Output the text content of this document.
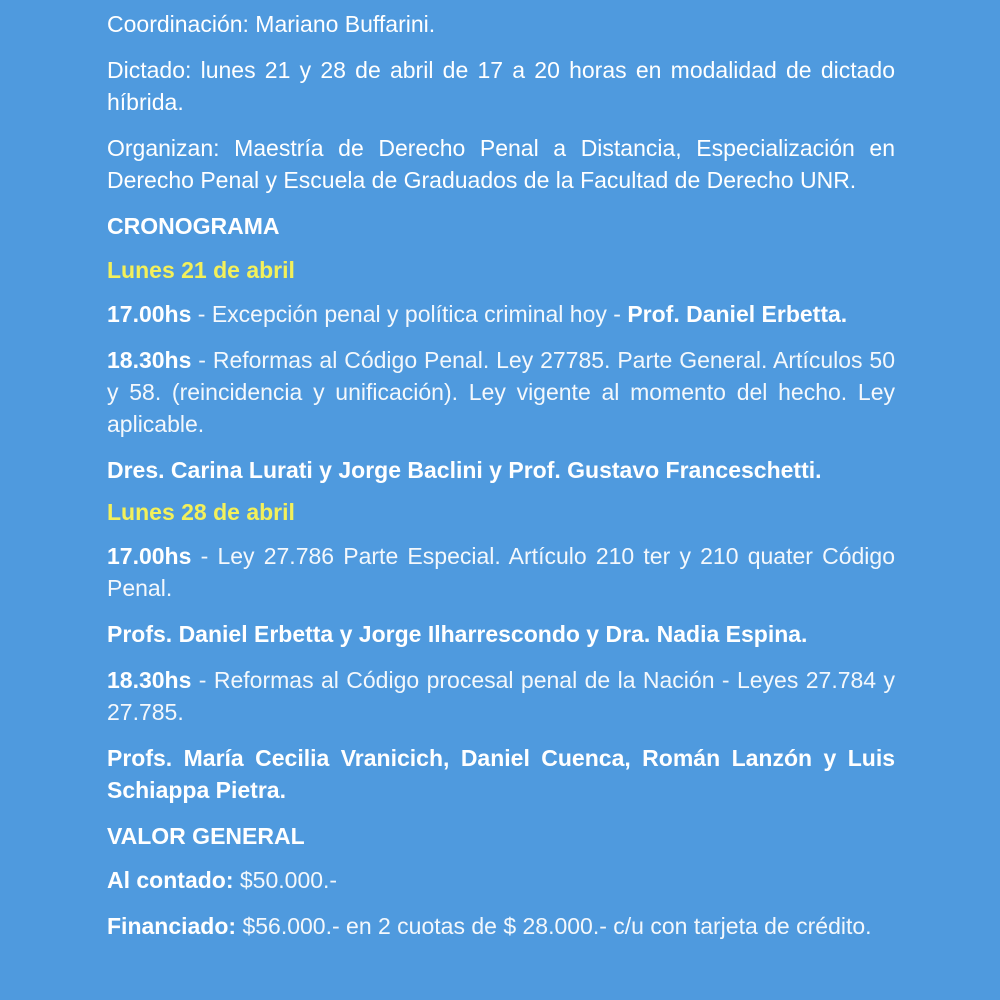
Coordinación: Mariano Buffarini.

Dictado: lunes 21 y 28 de abril de 17 a 20 horas en modalidad de dictado híbrida.

Organizan: Maestría de Derecho Penal a Distancia, Especialización en Derecho Penal y Escuela de Graduados de la Facultad de Derecho UNR.

CRONOGRAMA

Lunes 21 de abril

17.00hs - Excepción penal y política criminal hoy - Prof. Daniel Erbetta.

18.30hs - Reformas al Código Penal. Ley 27785. Parte General. Artículos 50 y 58. (reincidencia y unificación). Ley vigente al momento del hecho. Ley aplicable.

Dres. Carina Lurati y Jorge Baclini y Prof. Gustavo Franceschetti.

Lunes 28 de abril

17.00hs - Ley 27.786 Parte Especial. Artículo 210 ter y 210 quater Código Penal.

Profs. Daniel Erbetta y Jorge Ilharrescondo y Dra. Nadia Espina.

18.30hs - Reformas al Código procesal penal de la Nación - Leyes 27.784 y 27.785.

Profs. María Cecilia Vranicich, Daniel Cuenca, Román Lanzón y Luis Schiappa Pietra.

VALOR GENERAL

Al contado: $50.000.-

Financiado: $56.000.- en 2 cuotas de $ 28.000.- c/u con tarjeta de crédito.
